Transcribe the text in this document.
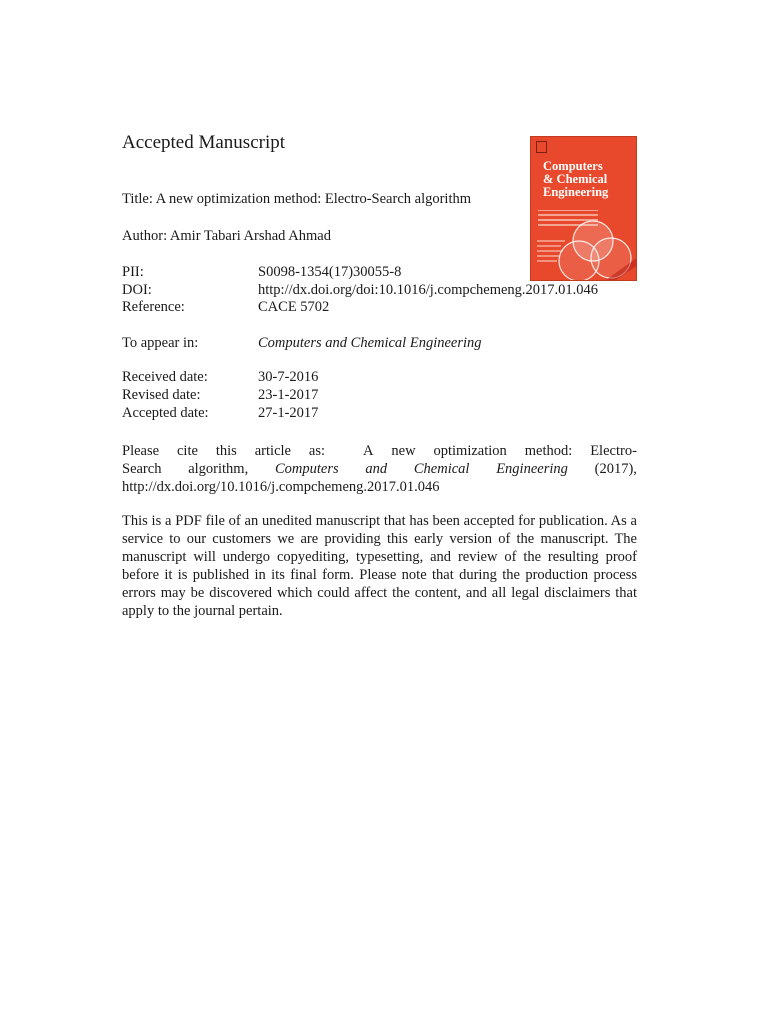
Accepted Manuscript
Title: A new optimization method: Electro-Search algorithm
Author: Amir Tabari Arshad Ahmad
PII:	S0098-1354(17)30055-8
DOI:	http://dx.doi.org/doi:10.1016/j.compchemeng.2017.01.046
Reference:	CACE 5702
To appear in:	Computers and Chemical Engineering
Received date:	30-7-2016
Revised date:	23-1-2017
Accepted date:	27-1-2017
Please cite this article as:	A new optimization method: Electro-
Search algorithm, Computers and Chemical Engineering (2017),
http://dx.doi.org/10.1016/j.compchemeng.2017.01.046

This is a PDF file of an unedited manuscript that has been accepted for publication. As a service to our customers we are providing this early version of the manuscript. The manuscript will undergo copyediting, typesetting, and review of the resulting proof before it is published in its final form. Please note that during the production process errors may be discovered which could affect the content, and all legal disclaimers that apply to the journal pertain.

Computers
& Chemical
Engineering
